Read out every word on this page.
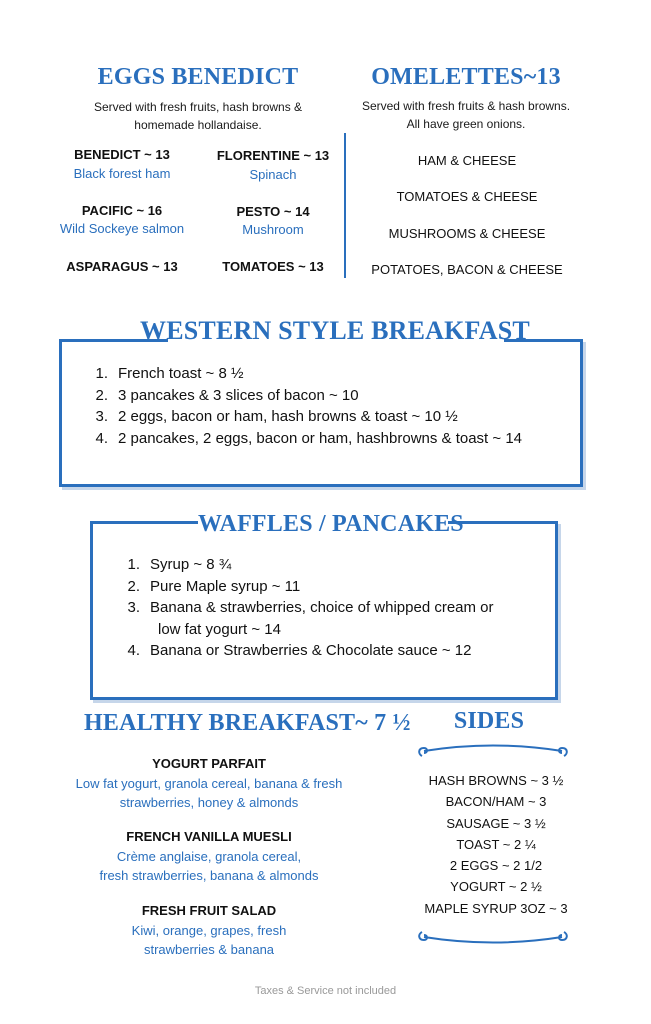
EGGS BENEDICT
Served with fresh fruits, hash browns &
homemade hollandaise.
BENEDICT ~ 13
Black forest ham
FLORENTINE ~ 13
Spinach
PACIFIC ~ 16
Wild Sockeye salmon
PESTO ~ 14
Mushroom
ASPARAGUS ~ 13	TOMATOES ~ 13
OMELETTES~13
Served with fresh fruits & hash browns.
All have green onions.
HAM & CHEESE
TOMATOES & CHEESE
MUSHROOMS & CHEESE
POTATOES, BACON & CHEESE
WESTERN STYLE BREAKFAST
1. French toast ~ 8 ½
2. 3 pancakes & 3 slices of bacon ~ 10
3. 2 eggs, bacon or ham, hash browns & toast ~ 10 ½
4. 2 pancakes, 2 eggs, bacon or ham, hashbrowns & toast ~ 14
WAFFLES / PANCAKES
1. Syrup ~ 8 ¾
2. Pure Maple syrup ~ 11
3. Banana & strawberries, choice of whipped cream or
low fat yogurt ~ 14
4. Banana or Strawberries & Chocolate sauce ~ 12
HEALTHY BREAKFAST~ 7 ½
YOGURT PARFAIT
Low fat yogurt, granola cereal, banana & fresh
strawberries, honey & almonds
FRENCH VANILLA MUESLI
Crème anglaise, granola cereal,
fresh strawberries, banana & almonds
FRESH FRUIT SALAD
Kiwi, orange, grapes, fresh
strawberries & banana
SIDES
HASH BROWNS ~ 3 ½
BACON/HAM ~ 3
SAUSAGE ~ 3 ½
TOAST ~ 2 ¼
2 EGGS ~ 2 1/2
YOGURT ~ 2 ½
MAPLE SYRUP 3OZ ~ 3
Taxes & Service not included
